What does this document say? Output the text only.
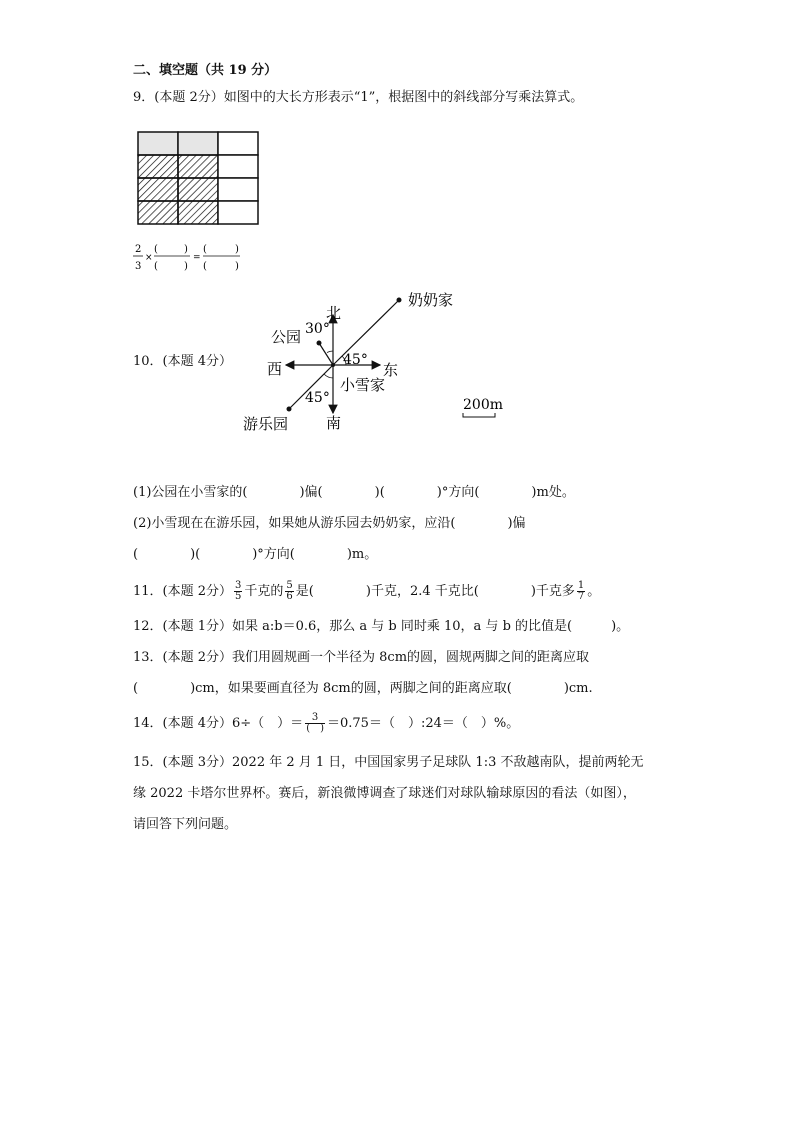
二、填空题（共 19 分）
9．(本题 2分）如图中的大长方形表示“1”，根据图中的斜线部分写乘法算式。
2
3
×
(	)
(	)
=
(	)
(	)
10．(本题 4分）
北
南
东
西
公园
奶奶家
小雪家
游乐园
30°
45°
45°	200m
(1)公园在小雪家的(　　　　)偏(　　　　)(　　　　)°方向(　　　　)m处。
(2)小雪现在在游乐园，如果她从游乐园去奶奶家，应沿(　　　　)偏
(　　　　)(　　　　)°方向(　　　　)m。
11．(本题 2分） $\frac{3}{5}$ 千克的 $\frac{5}{6}$ 是(　　　　)千克，2.4 千克比(　　　　)千克多 $\frac{1}{7}$ 。
12．(本题 1分）如果 a:b＝0.6，那么 a 与 b 同时乘 10，a 与 b 的比值是(　　　)。
13．(本题 2分）我们用圆规画一个半径为 8cm的圆，圆规两脚之间的距离应取
(　　　　)cm，如果要画直径为 8cm的圆，两脚之间的距离应取(　　　　)cm.
14．(本题 4分）6÷（　）＝ $\frac{3}{( )} =0.75=$（　）:24＝（　）%。
15．(本题 3分）2022 年 2 月 1 日，中国国家男子足球队 1:3 不敌越南队，提前两轮无
缘 2022 卡塔尔世界杯。赛后，新浪微博调查了球迷们对球队输球原因的看法（如图），
请回答下列问题。
